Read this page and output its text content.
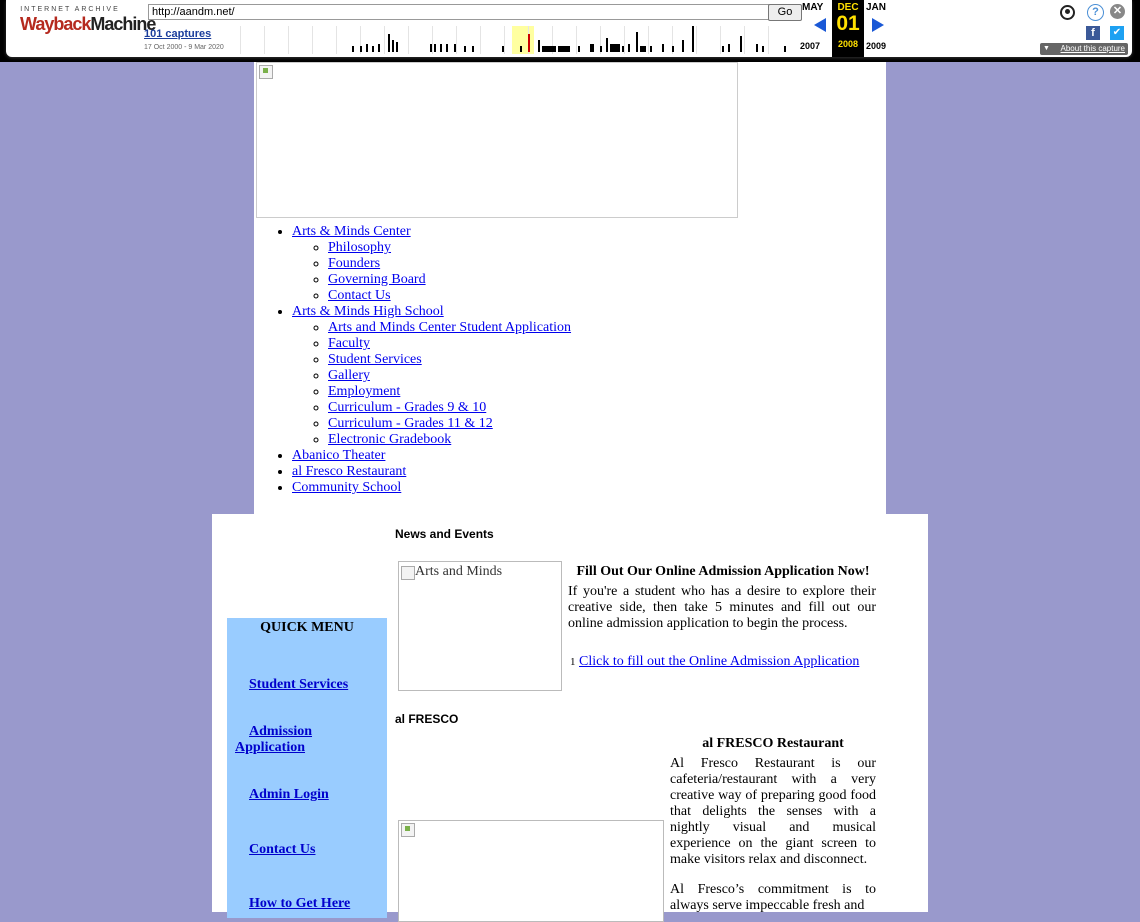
INTERNET ARCHIVE
WaybackMachine
http://aandm.net/	Go
101 captures
17 Oct 2000 - 9 Mar 2020
MAY
2007
DEC
01
2008
JAN
2009
?	✕
f	✔
▼ About this capture
• Arts & Minds Center
◦ Philosophy
◦ Founders
◦ Governing Board
◦ Contact Us
• Arts & Minds High School
◦ Arts and Minds Center Student Application
◦ Faculty
◦ Student Services
◦ Gallery
◦ Employment
◦ Curriculum - Grades 9 & 10
◦ Curriculum - Grades 11 & 12
◦ Electronic Gradebook
• Abanico Theater
• al Fresco Restaurant
• Community School
QUICK MENU
Student Services
Admission
Application
Admin Login
Contact Us
How to Get Here
News and Events
Arts and Minds	Fill Out Our Online Admission Application Now!
If you're a student who has a desire to explore their creative side, then take 5 minutes and fill out our online admission application to begin the process.
1 Click to fill out the Online Admission Application
al FRESCO
al FRESCO Restaurant
Al Fresco Restaurant is our cafeteria/restaurant with a very creative way of preparing good food that delights the senses with a nightly visual and musical experience on the giant screen to make visitors relax and disconnect.
Al Fresco’s commitment is to always serve impeccable fresh and
